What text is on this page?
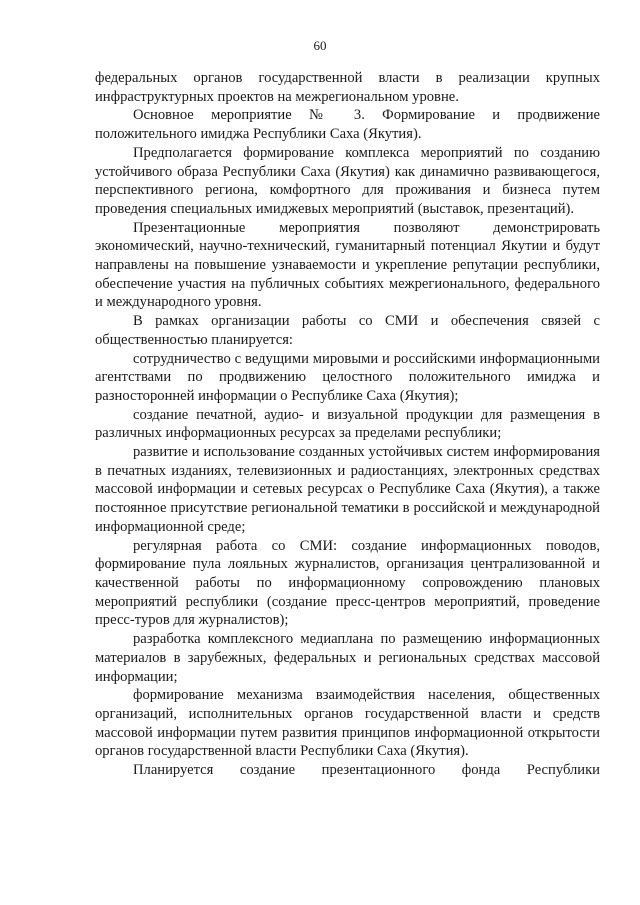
60

федеральных органов государственной власти в реализации крупных инфраструктурных проектов на межрегиональном уровне.

Основное мероприятие № 3. Формирование и продвижение положительного имиджа Республики Саха (Якутия).

Предполагается формирование комплекса мероприятий по созданию устойчивого образа Республики Саха (Якутия) как динамично развивающегося, перспективного региона, комфортного для проживания и бизнеса путем проведения специальных имиджевых мероприятий (выставок, презентаций).

Презентационные мероприятия позволяют демонстрировать экономический, научно-технический, гуманитарный потенциал Якутии и будут направлены на повышение узнаваемости и укрепление репутации республики, обеспечение участия на публичных событиях межрегионального, федерального и международного уровня.

В рамках организации работы со СМИ и обеспечения связей с общественностью планируется:

сотрудничество с ведущими мировыми и российскими информационными агентствами по продвижению целостного положительного имиджа и разносторонней информации о Республике Саха (Якутия);

создание печатной, аудио- и визуальной продукции для размещения в различных информационных ресурсах за пределами республики;

развитие и использование созданных устойчивых систем информирования в печатных изданиях, телевизионных и радиостанциях, электронных средствах массовой информации и сетевых ресурсах о Республике Саха (Якутия), а также постоянное присутствие региональной тематики в российской и международной информационной среде;

регулярная работа со СМИ: создание информационных поводов, формирование пула лояльных журналистов, организация централизованной и качественной работы по информационному сопровождению плановых мероприятий республики (создание пресс-центров мероприятий, проведение пресс-туров для журналистов);

разработка комплексного медиаплана по размещению информационных материалов в зарубежных, федеральных и региональных средствах массовой информации;

формирование механизма взаимодействия населения, общественных организаций, исполнительных органов государственной власти и средств массовой информации путем развития принципов информационной открытости органов государственной власти Республики Саха (Якутия).

Планируется создание презентационного фонда Республики
